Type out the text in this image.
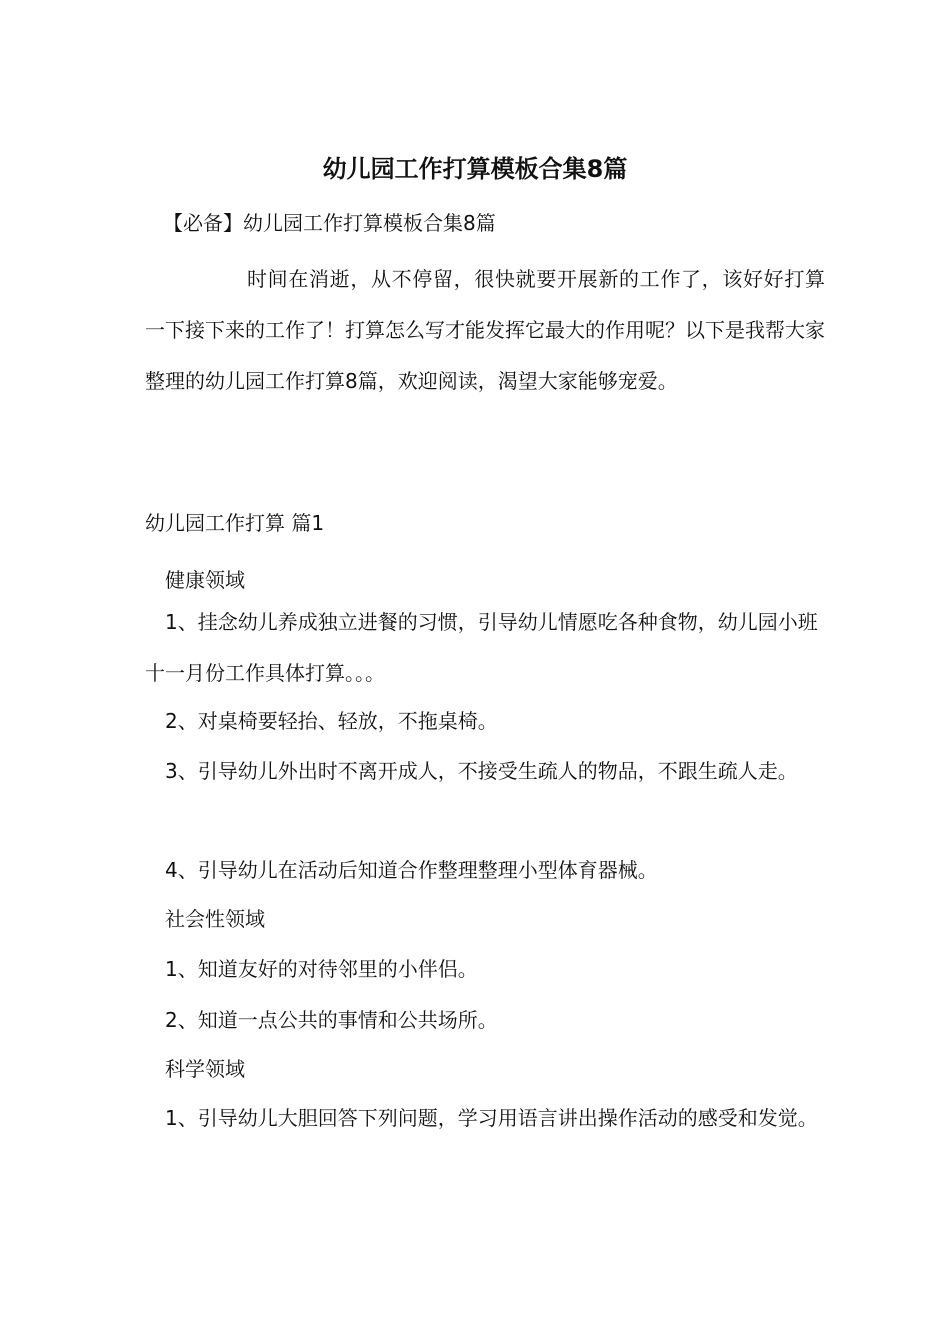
幼儿园工作打算模板合集8篇
【必备】幼儿园工作打算模板合集8篇

时间在消逝，从不停留，很快就要开展新的工作了，该好好打算一下接下来的工作了！打算怎么写才能发挥它最大的作用呢？以下是我帮大家整理的幼儿园工作打算8篇，欢迎阅读，渴望大家能够宠爱。

幼儿园工作打算 篇1

健康领域

1、挂念幼儿养成独立进餐的习惯，引导幼儿情愿吃各种食物，幼儿园小班十一月份工作具体打算。。。

2、对桌椅要轻抬、轻放，不拖桌椅。

3、引导幼儿外出时不离开成人，不接受生疏人的物品，不跟生疏人走。

4、引导幼儿在活动后知道合作整理整理小型体育器械。

社会性领域

1、知道友好的对待邻里的小伴侣。

2、知道一点公共的事情和公共场所。

科学领域

1、引导幼儿大胆回答下列问题，学习用语言讲出操作活动的感受和发觉。
